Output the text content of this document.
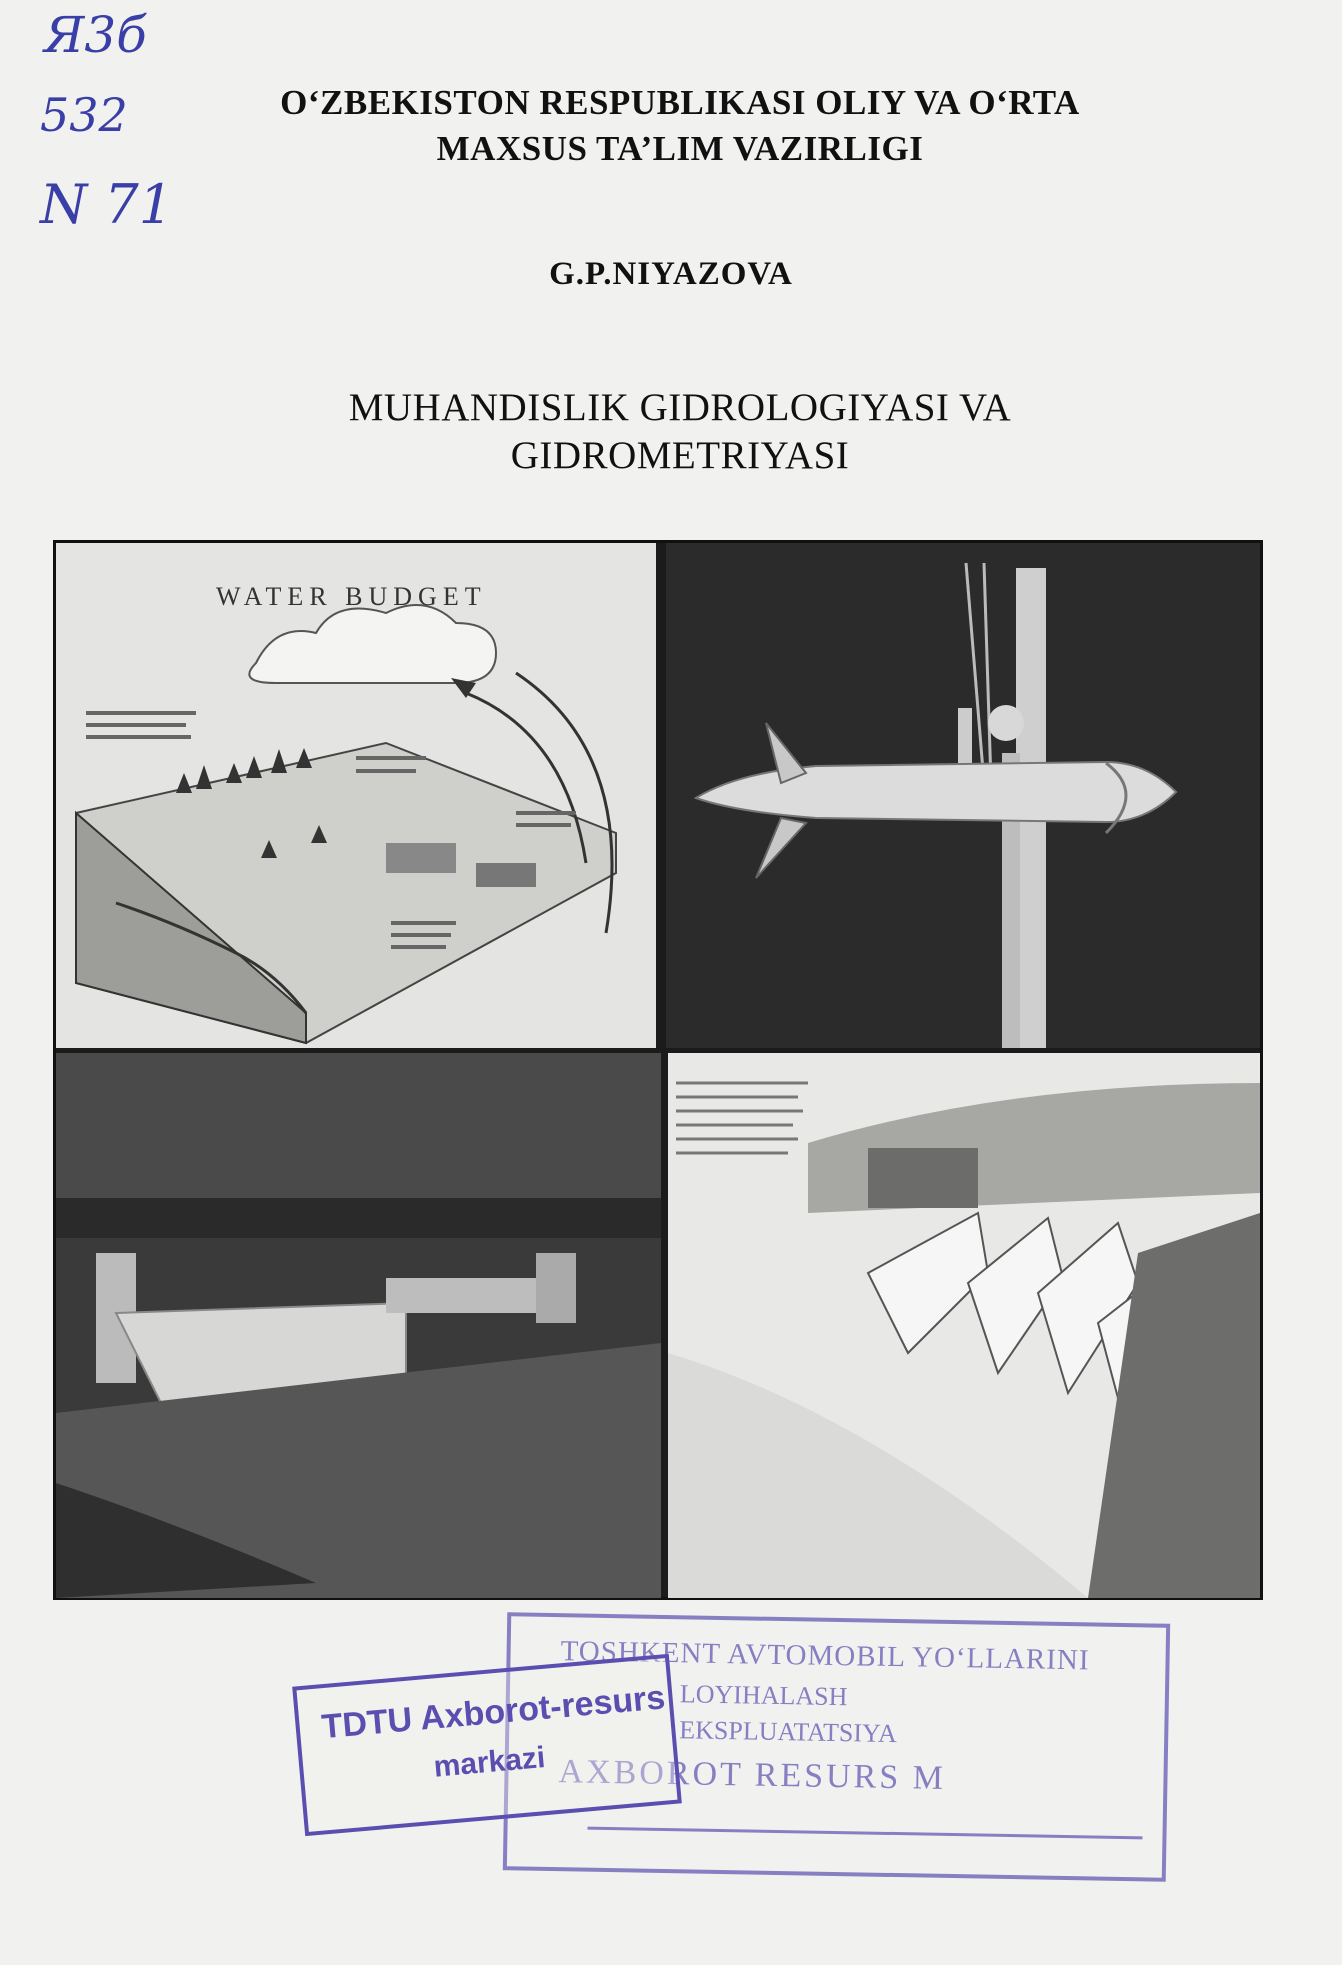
Я3б
532
N 71
O‘ZBEKISTON RESPUBLIKASI OLIY VA O‘RTA
MAXSUS TA’LIM VAZIRLIGI
G.P.NIYAZOVA
MUHANDISLIK GIDROLOGIYASI VA
GIDROMETRIYASI
WATER BUDGET
TOSHKENT AVTOMOBIL YO‘LLARINI
LOYIHALASH
EKSPLUATATSIYA
AXBOROT RESURS M
TDTU Axborot-resurs
markazi
